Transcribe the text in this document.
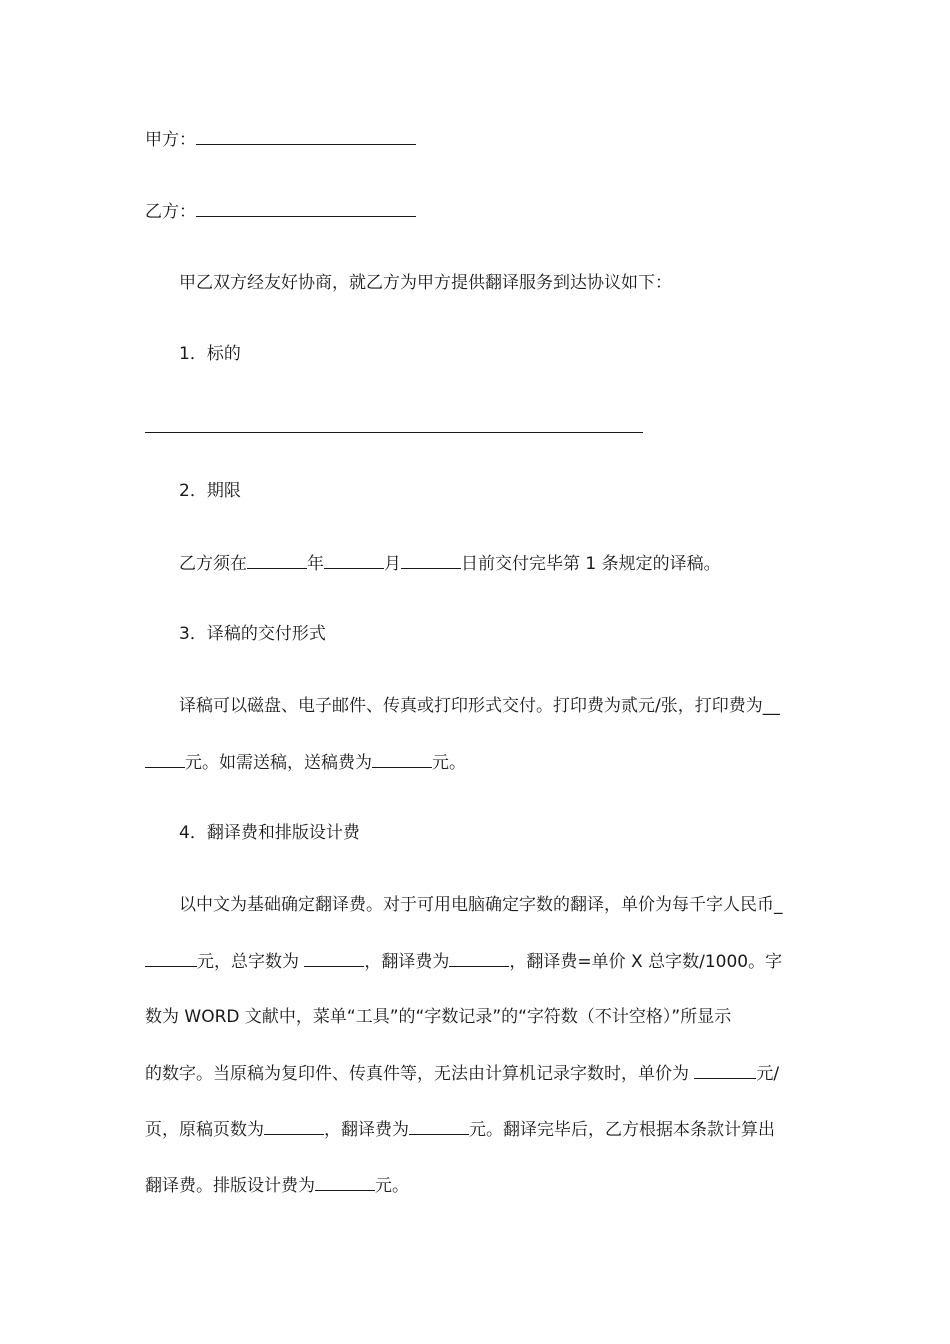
甲方：
乙方：
甲乙双方经友好协商，就乙方为甲方提供翻译服务到达协议如下：
1．标的
2．期限
乙方须在	年	月	日前交付完毕第 1 条规定的译稿。
3．译稿的交付形式
译稿可以磁盘、电子邮件、传真或打印形式交付。打印费为贰元/张，打印费为__
元。如需送稿，送稿费为	元。
4．翻译费和排版设计费
以中文为基础确定翻译费。对于可用电脑确定字数的翻译，单价为每千字人民币_
元，总字数为	，翻译费为	，翻译费=单价 X 总字数/1000。字
数为 WORD 文献中，菜单“工具”的“字数记录”的“字符数（不计空格）”所显示
的数字。当原稿为复印件、传真件等，无法由计算机记录字数时，单价为	元/
页，原稿页数为	，翻译费为	元。翻译完毕后，乙方根据本条款计算出
翻译费。排版设计费为	元。
